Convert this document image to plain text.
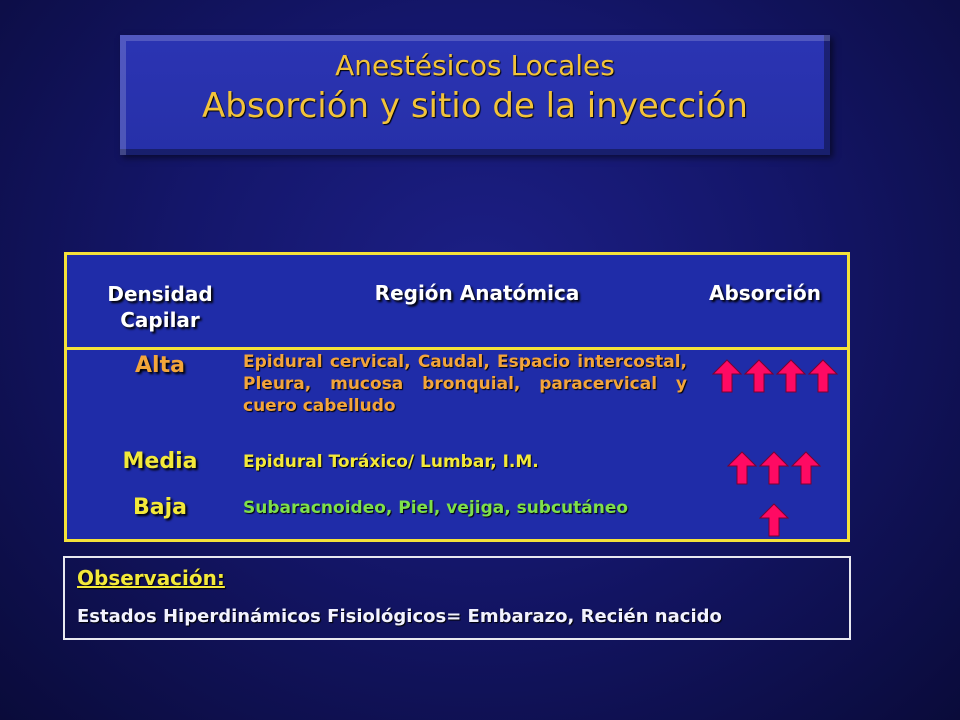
Anestésicos Locales
Absorción y sitio de la inyección
Densidad
Capilar
Región Anatómica	Absorción
Alta	Epidural cervical, Caudal, Espacio intercostal, Pleura, mucosa bronquial, paracervical y cuero cabelludo
Media	Epidural Toráxico/ Lumbar, I.M.
Baja	Subaracnoideo, Piel, vejiga, subcutáneo
Observación:
Estados Hiperdinámicos Fisiológicos= Embarazo, Recién nacido
